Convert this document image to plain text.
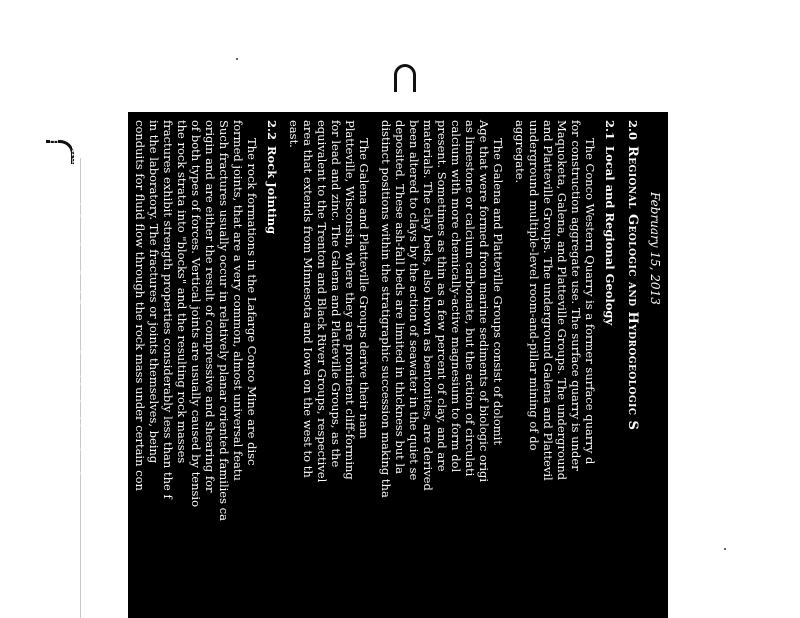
February 15, 2013
2.0Regional Geologic and Hydrogeologic S
2.1Local and Regional Geology

The Conco Western Quarry is a former surface quarry d

for construction aggregate use. The surface quarry is under

Maquoketa, Galena, and Platteville Groups. The underground

and Platteville Groups. The underground Galena and Plattevil

underground multiple-level room-and-pillar mining of do

aggregate.

The Galena and Platteville Groups consist of dolomit

Age that were formed from marine sediments of biologic origi

as limestone or calcium carbonate, but the action of circulati

calcium with more chemically-active magnesium to form dol

present. Sometimes as thin as a few percent of clay, and are

materials. The clay beds, also known as bentonites, are derived

been altered to clays by the action of seawater in the quiet se

deposited. These ash-fall beds are limited in thickness but la

distinct positions within the stratigraphic succession making tha

The Galena and Platteville Groups derive their nam

Platteville, Wisconsin, where they are prominent cliff-forming

for lead and zinc. The Galena and Platteville Groups, as the

equivalent to the Trenton and Black River Groups, respectivel

area that extends from Minnesota and Iowa on the west to th

east.

2.2Rock Jointing

The rock formations in the Lafarge Conco Mine are disc

formed joints, that are a very common, almost universal featu

Such fractures usually occur in relatively planar oriented families ca

origin and are either the result of compressive and shearing for

of both types of forces. Vertical joints are usually caused by tensio

the rock strata into "blocks" and the resulting rock masses

fractures exhibit strength properties considerably less than the f

in the laboratory. The fractures or joints themselves, being

conduits for fluid flow through the rock mass under certain con

The presence of the near-vertical through-going joint

planes, creates a condition of three-dimensional "fracture-flo

masses present in the Lafarge Conco Stone Mine. Howev

continuity, and therefore fluid flow, is often blocked by clay-fi

Buschbach (1961) and Willman (1971) have noted

between the Galena and Platteville Groups. In the Lafarge C
